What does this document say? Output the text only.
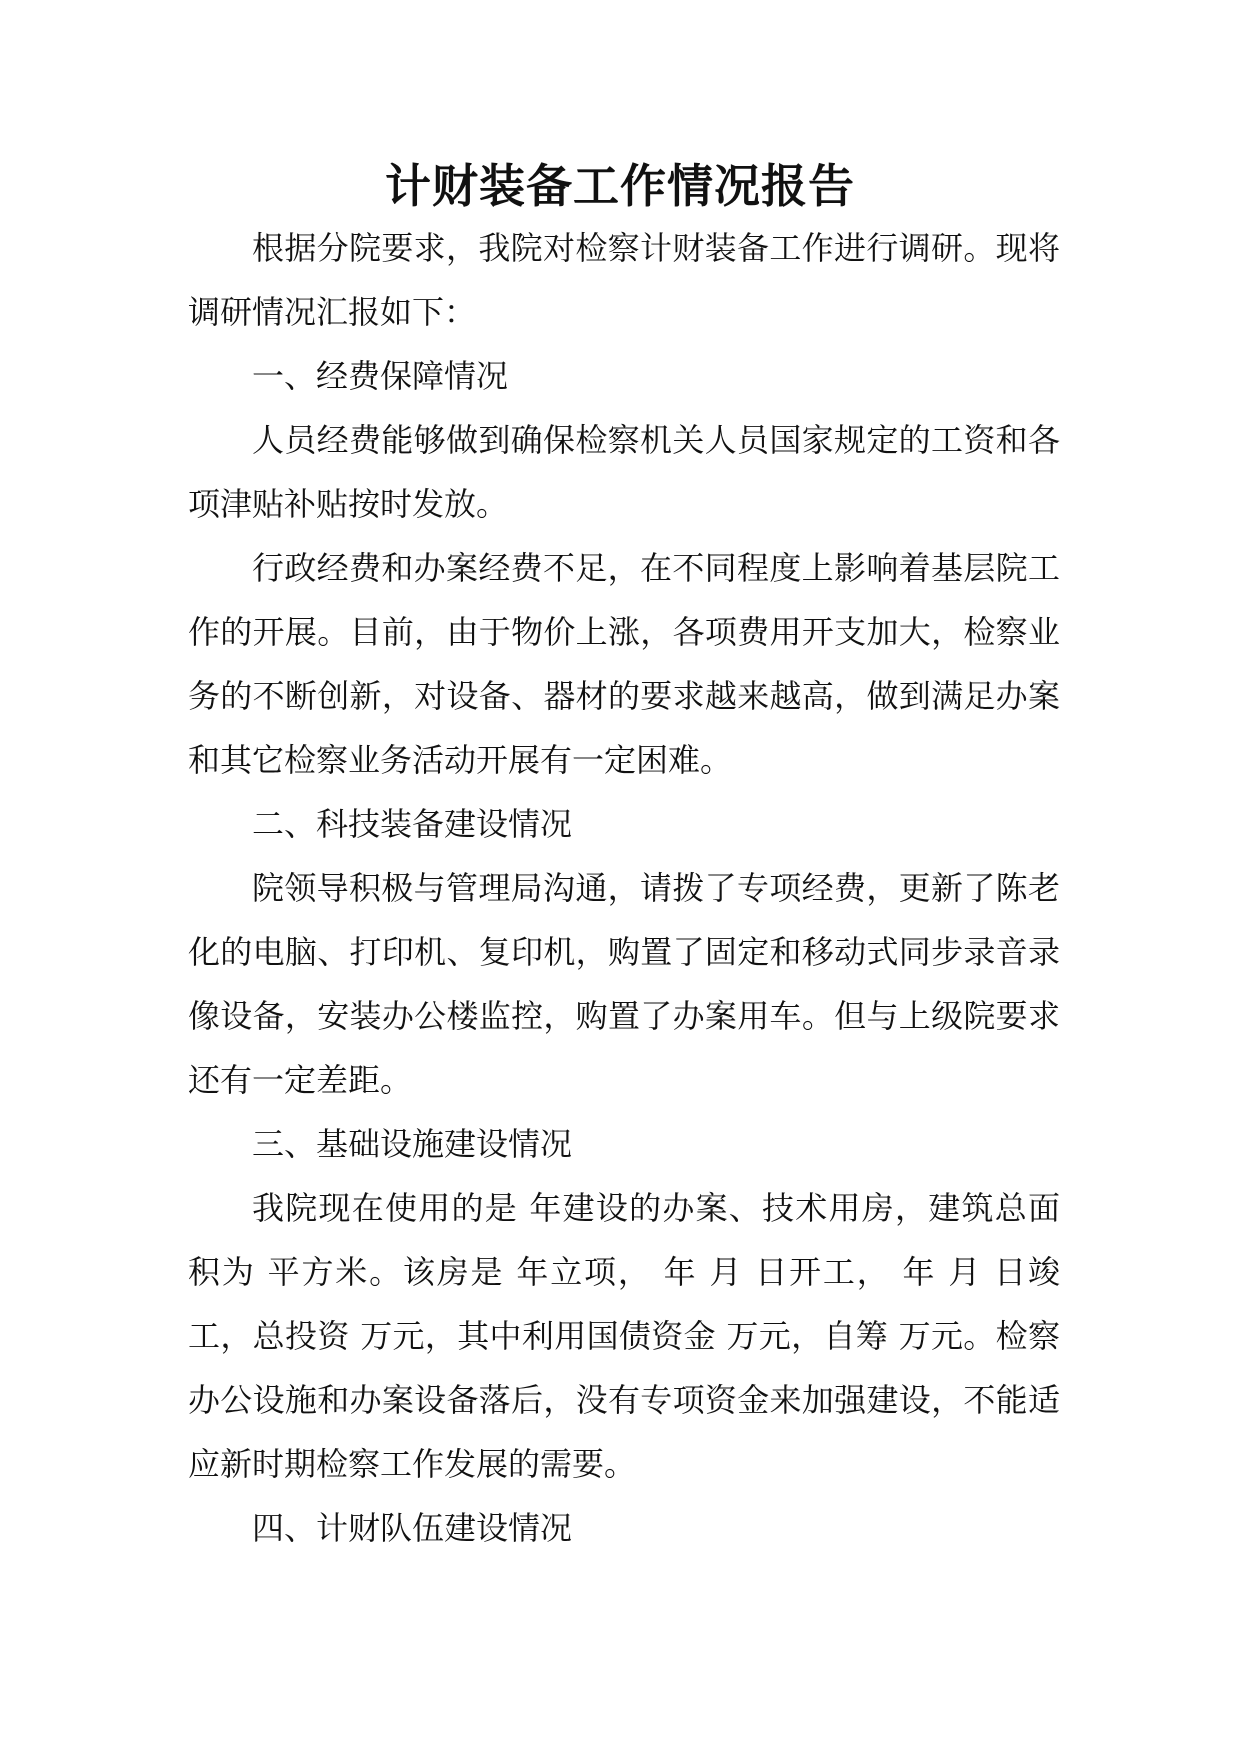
计财装备工作情况报告

根据分院要求，我院对检察计财装备工作进行调研。现将调研情况汇报如下：

一、经费保障情况

人员经费能够做到确保检察机关人员国家规定的工资和各项津贴补贴按时发放。

行政经费和办案经费不足，在不同程度上影响着基层院工作的开展。目前，由于物价上涨，各项费用开支加大，检察业务的不断创新，对设备、器材的要求越来越高，做到满足办案和其它检察业务活动开展有一定困难。

二、科技装备建设情况

院领导积极与管理局沟通，请拨了专项经费，更新了陈老化的电脑、打印机、复印机，购置了固定和移动式同步录音录像设备，安装办公楼监控，购置了办案用车。但与上级院要求还有一定差距。

三、基础设施建设情况

我院现在使用的是 年建设的办案、技术用房，建筑总面积为 平方米。该房是 年立项， 年 月 日开工， 年 月 日竣工，总投资 万元，其中利用国债资金 万元，自筹 万元。检察办公设施和办案设备落后，没有专项资金来加强建设，不能适应新时期检察工作发展的需要。

四、计财队伍建设情况
